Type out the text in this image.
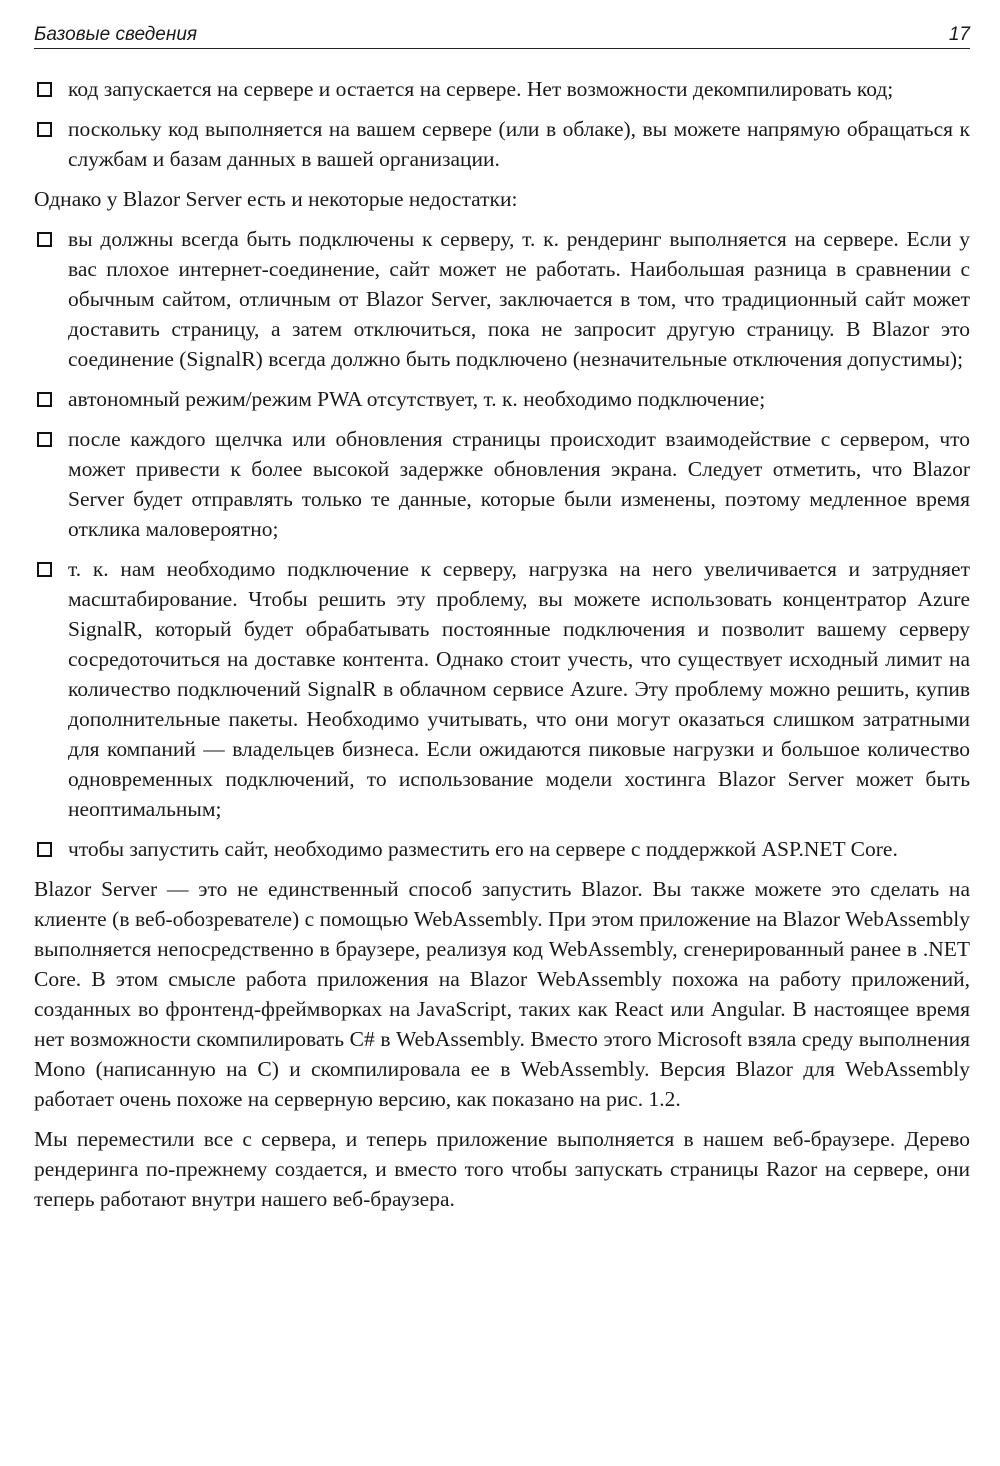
Базовые сведения	17
код запускается на сервере и остается на сервере. Нет возможности декомпилировать код;
поскольку код выполняется на вашем сервере (или в облаке), вы можете напрямую обращаться к службам и базам данных в вашей организации.

Однако у Blazor Server есть и некоторые недостатки:

вы должны всегда быть подключены к серверу, т. к. рендеринг выполняется на сервере. Если у вас плохое интернет-соединение, сайт может не работать. Наибольшая разница в сравнении с обычным сайтом, отличным от Blazor Server, заключается в том, что традиционный сайт может доставить страницу, а затем отключиться, пока не запросит другую страницу. В Blazor это соединение (SignalR) всегда должно быть подключено (незначительные отключения допустимы);
автономный режим/режим PWA отсутствует, т. к. необходимо подключение;
после каждого щелчка или обновления страницы происходит взаимодействие с сервером, что может привести к более высокой задержке обновления экрана. Следует отметить, что Blazor Server будет отправлять только те данные, которые были изменены, поэтому медленное время отклика маловероятно;
т. к. нам необходимо подключение к серверу, нагрузка на него увеличивается и затрудняет масштабирование. Чтобы решить эту проблему, вы можете использовать концентратор Azure SignalR, который будет обрабатывать постоянные подключения и позволит вашему серверу сосредоточиться на доставке контента. Однако стоит учесть, что существует исходный лимит на количество подключений SignalR в облачном сервисе Azure. Эту проблему можно решить, купив дополнительные пакеты. Необходимо учитывать, что они могут оказаться слишком затратными для компаний — владельцев бизнеса. Если ожидаются пиковые нагрузки и большое количество одновременных подключений, то использование модели хостинга Blazor Server может быть неоптимальным;
чтобы запустить сайт, необходимо разместить его на сервере с поддержкой ASP.NET Core.

Blazor Server — это не единственный способ запустить Blazor. Вы также можете это сделать на клиенте (в веб-обозревателе) с помощью WebAssembly. При этом приложение на Blazor WebAssembly выполняется непосредственно в браузере, реализуя код WebAssembly, сгенерированный ранее в .NET Core. В этом смысле работа приложения на Blazor WebAssembly похожа на работу приложений, созданных во фронтенд-фреймворках на JavaScript, таких как React или Angular. В настоящее время нет возможности скомпилировать C# в WebAssembly. Вместо этого Microsoft взяла среду выполнения Mono (написанную на C) и скомпилировала ее в WebAssembly. Версия Blazor для WebAssembly работает очень похоже на серверную версию, как показано на рис. 1.2.

Мы переместили все с сервера, и теперь приложение выполняется в нашем веб-браузере. Дерево рендеринга по-прежнему создается, и вместо того чтобы запускать страницы Razor на сервере, они теперь работают внутри нашего веб-браузера.
